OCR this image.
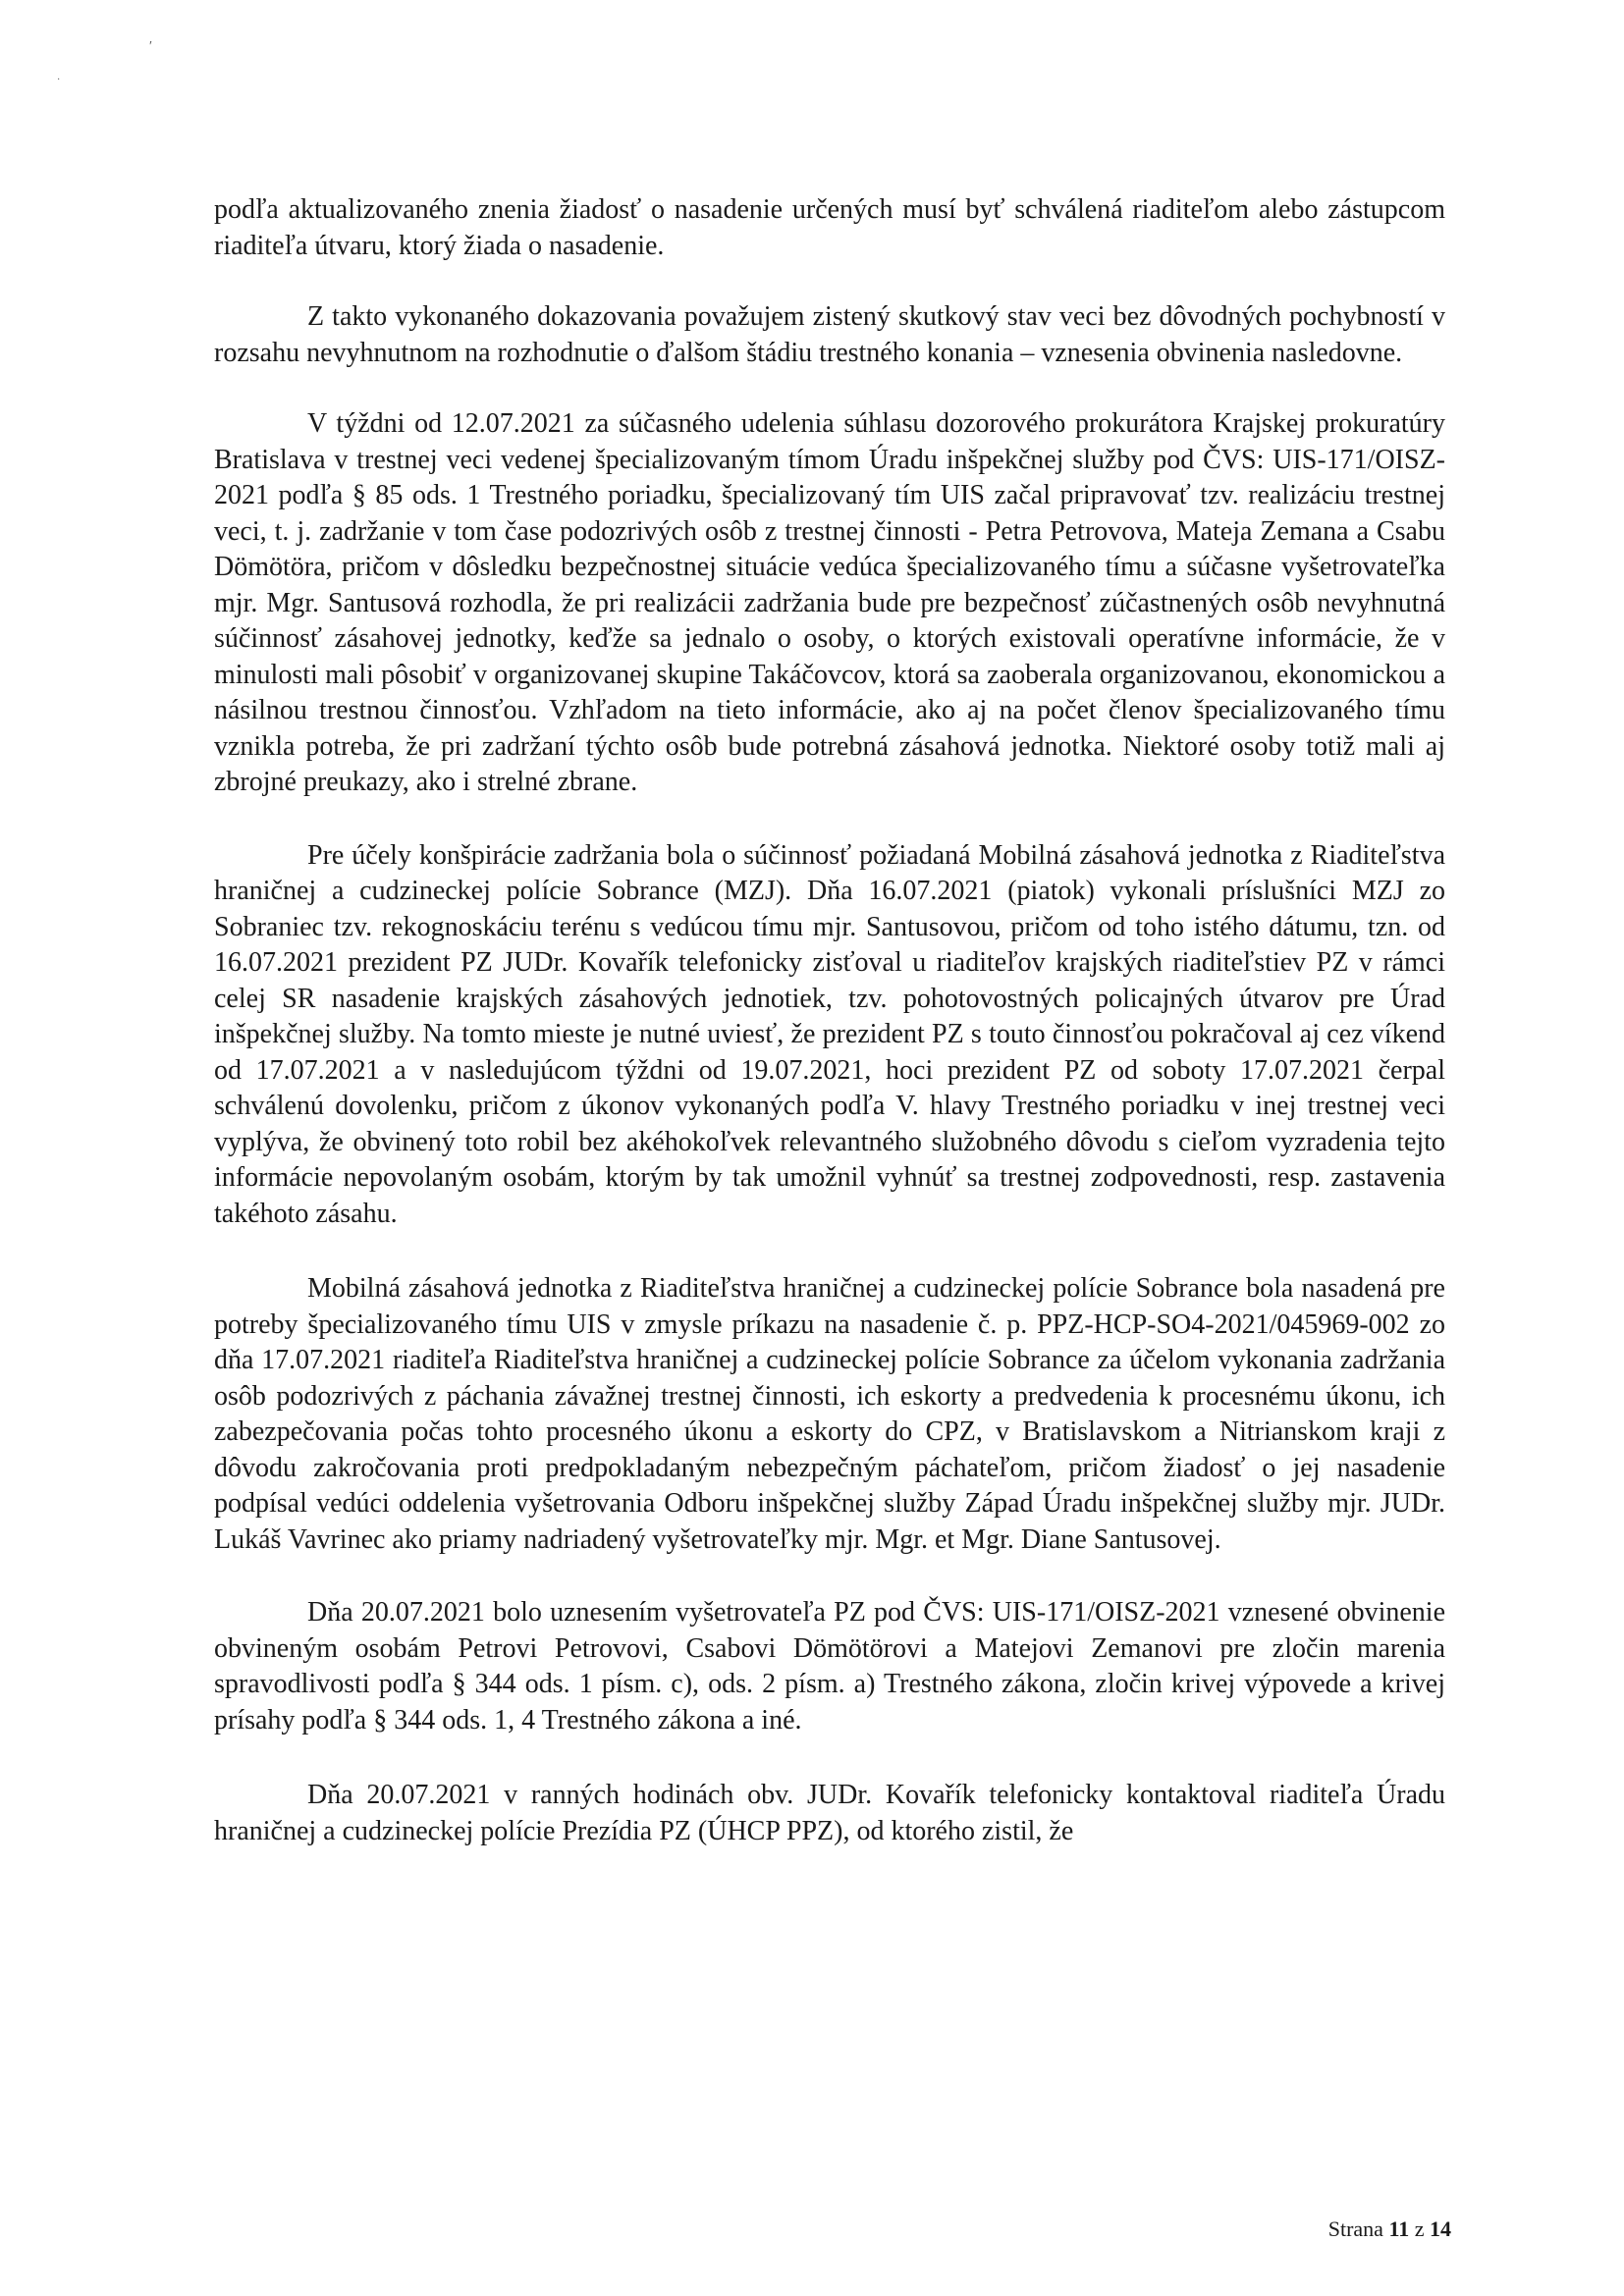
′
·

podľa aktualizovaného znenia žiadosť o nasadenie určených musí byť schválená riaditeľom alebo zástupcom riaditeľa útvaru, ktorý žiada o nasadenie.

Z takto vykonaného dokazovania považujem zistený skutkový stav veci bez dôvodných pochybností v rozsahu nevyhnutnom na rozhodnutie o ďalšom štádiu trestného konania – vznesenia obvinenia nasledovne.

V týždni od 12.07.2021 za súčasného udelenia súhlasu dozorového prokurátora Krajskej prokuratúry Bratislava v trestnej veci vedenej špecializovaným tímom Úradu inšpekčnej služby pod ČVS: UIS-171/OISZ-2021 podľa § 85 ods. 1 Trestného poriadku, špecializovaný tím UIS začal pripravovať tzv. realizáciu trestnej veci, t. j. zadržanie v tom čase podozrivých osôb z trestnej činnosti - Petra Petrovova, Mateja Zemana a Csabu Dömötöra, pričom v dôsledku bezpečnostnej situácie vedúca špecializovaného tímu a súčasne vyšetrovateľka mjr. Mgr. Santusová rozhodla, že pri realizácii zadržania bude pre bezpečnosť zúčastnených osôb nevyhnutná súčinnosť zásahovej jednotky, keďže sa jednalo o osoby, o ktorých existovali operatívne informácie, že v minulosti mali pôsobiť v organizovanej skupine Takáčovcov, ktorá sa zaoberala organizovanou, ekonomickou a násilnou trestnou činnosťou. Vzhľadom na tieto informácie, ako aj na počet členov špecializovaného tímu vznikla potreba, že pri zadržaní týchto osôb bude potrebná zásahová jednotka. Niektoré osoby totiž mali aj zbrojné preukazy, ako i strelné zbrane.

Pre účely konšpirácie zadržania bola o súčinnosť požiadaná Mobilná zásahová jednotka z Riaditeľstva hraničnej a cudzineckej polície Sobrance (MZJ). Dňa 16.07.2021 (piatok) vykonali príslušníci MZJ zo Sobraniec tzv. rekognoskáciu terénu s vedúcou tímu mjr. Santusovou, pričom od toho istého dátumu, tzn. od 16.07.2021 prezident PZ JUDr. Kovařík telefonicky zisťoval u riaditeľov krajských riaditeľstiev PZ v rámci celej SR nasadenie krajských zásahových jednotiek, tzv. pohotovostných policajných útvarov pre Úrad inšpekčnej služby. Na tomto mieste je nutné uviesť, že prezident PZ s touto činnosťou pokračoval aj cez víkend od 17.07.2021 a v nasledujúcom týždni od 19.07.2021, hoci prezident PZ od soboty 17.07.2021 čerpal schválenú dovolenku, pričom z úkonov vykonaných podľa V. hlavy Trestného poriadku v inej trestnej veci vyplýva, že obvinený toto robil bez akéhokoľvek relevantného služobného dôvodu s cieľom vyzradenia tejto informácie nepovolaným osobám, ktorým by tak umožnil vyhnúť sa trestnej zodpovednosti, resp. zastavenia takéhoto zásahu.

Mobilná zásahová jednotka z Riaditeľstva hraničnej a cudzineckej polície Sobrance bola nasadená pre potreby špecializovaného tímu UIS v zmysle príkazu na nasadenie č. p. PPZ-HCP-SO4-2021/045969-002 zo dňa 17.07.2021 riaditeľa Riaditeľstva hraničnej a cudzineckej polície Sobrance za účelom vykonania zadržania osôb podozrivých z páchania závažnej trestnej činnosti, ich eskorty a predvedenia k procesnému úkonu, ich zabezpečovania počas tohto procesného úkonu a eskorty do CPZ, v Bratislavskom a Nitrianskom kraji z dôvodu zakročovania proti predpokladaným nebezpečným páchateľom, pričom žiadosť o jej nasadenie podpísal vedúci oddelenia vyšetrovania Odboru inšpekčnej služby Západ Úradu inšpekčnej služby mjr. JUDr. Lukáš Vavrinec ako priamy nadriadený vyšetrovateľky mjr. Mgr. et Mgr. Diane Santusovej.

Dňa 20.07.2021 bolo uznesením vyšetrovateľa PZ pod ČVS: UIS-171/OISZ-2021 vznesené obvinenie obvineným osobám Petrovi Petrovovi, Csabovi Dömötörovi a Matejovi Zemanovi pre zločin marenia spravodlivosti podľa § 344 ods. 1 písm. c), ods. 2 písm. a) Trestného zákona, zločin krivej výpovede a krivej prísahy podľa § 344 ods. 1, 4 Trestného zákona a iné.

Dňa 20.07.2021 v ranných hodinách obv. JUDr. Kovařík telefonicky kontaktoval riaditeľa Úradu hraničnej a cudzineckej polície Prezídia PZ (ÚHCP PPZ), od ktorého zistil, že

Strana 11 z 14
